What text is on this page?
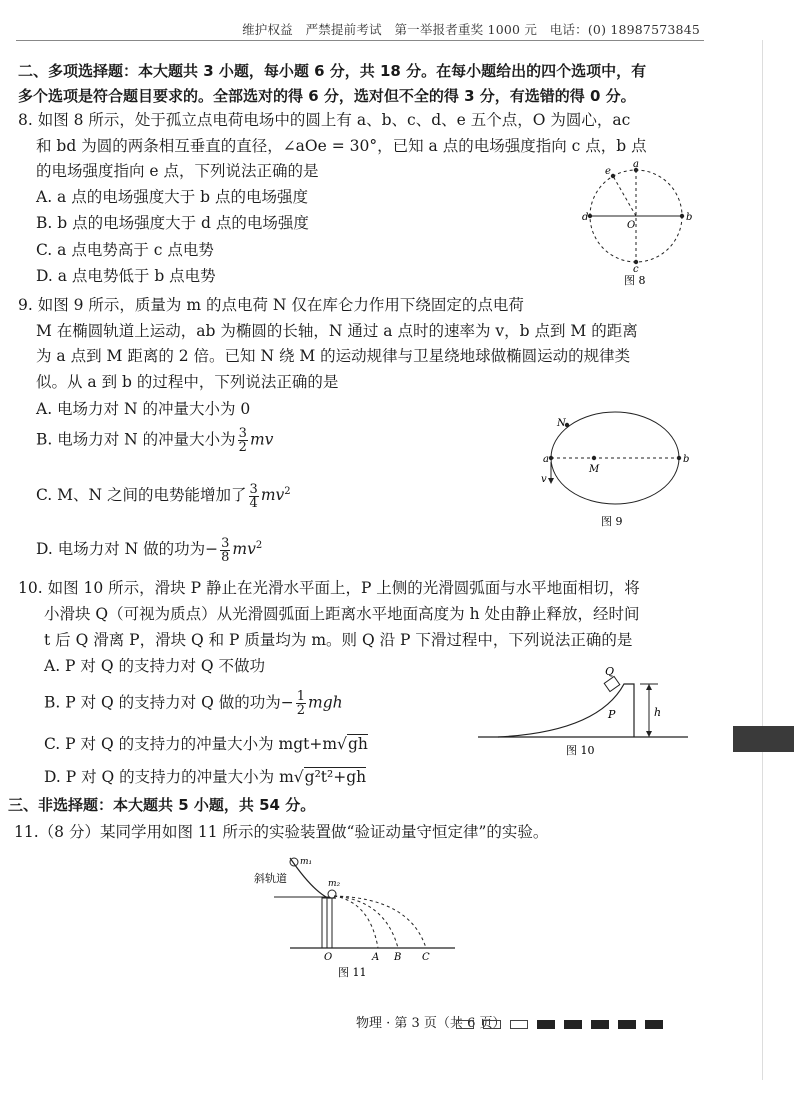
维护权益　严禁提前考试　第一举报者重奖 1000 元　电话：(0) 18987573845
二、多项选择题：本大题共 3 小题，每小题 6 分，共 18 分。在每小题给出的四个选项中，有
多个选项是符合题目要求的。全部选对的得 6 分，选对但不全的得 3 分，有选错的得 0 分。
8. 如图 8 所示，处于孤立点电荷电场中的圆上有 a、b、c、d、e 五个点，O 为圆心，ac
和 bd 为圆的两条相互垂直的直径，∠aOe = 30°，已知 a 点的电场强度指向 c 点，b 点
的电场强度指向 e 点，下列说法正确的是
A. a 点的电场强度大于 b 点的电场强度
B. b 点的电场强度大于 d 点的电场强度
C. a 点电势高于 c 点电势
D. a 点电势低于 b 点电势
a
b
c
d
e
O
图 8
9. 如图 9 所示，质量为 m 的点电荷 N 仅在库仑力作用下绕固定的点电荷
M 在椭圆轨道上运动，ab 为椭圆的长轴，N 通过 a 点时的速率为 v，b 点到 M 的距离
为 a 点到 M 距离的 2 倍。已知 N 绕 M 的运动规律与卫星绕地球做椭圆运动的规律类
似。从 a 到 b 的过程中，下列说法正确的是
A. 电场力对 N 的冲量大小为 0
B. 电场力对 N 的冲量大小为 $\frac{3}{2}$ mv
C. M、N 之间的电势能增加了 $\frac{3}{4} mv^2$
D. 电场力对 N 做的功为− $\frac{3}{8} mv^2$
N
a
M
b
v
图 9
10. 如图 10 所示，滑块 P 静止在光滑水平面上，P 上侧的光滑圆弧面与水平地面相切，将
小滑块 Q（可视为质点）从光滑圆弧面上距离水平地面高度为 h 处由静止释放，经时间
t 后 Q 滑离 P，滑块 Q 和 P 质量均为 m。则 Q 沿 P 下滑过程中，下列说法正确的是
A. P 对 Q 的支持力对 Q 不做功
B. P 对 Q 的支持力对 Q 做的功为− $\frac{1}{2}$ mgh
C. P 对 Q 的支持力的冲量大小为 mgt+m√gh
D. P 对 Q 的支持力的冲量大小为 m√g²t²+gh
Q
P	h
图 10
三、非选择题：本大题共 5 小题，共 54 分。
11.（8 分）某同学用如图 11 所示的实验装置做“验证动量守恒定律”的实验。
斜轨道
m₁
m₂
O	A B C
图 11
物理 · 第 3 页（共 6 页）
